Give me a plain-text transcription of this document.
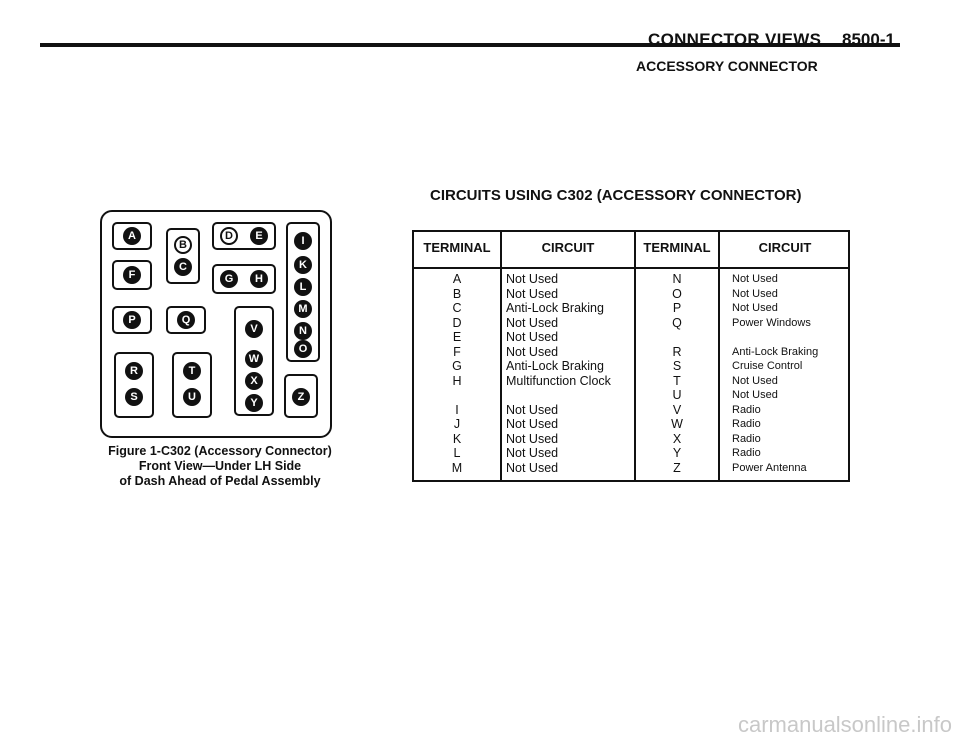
CONNECTOR VIEWS 8500-1
ACCESSORY CONNECTOR
CIRCUITS USING C302 (ACCESSORY CONNECTOR)
A
B
C
D	E
F	G	H
I
K
L
M
N
O
P	Q
R
S
T
U
V
W
X
Y	Z
Figure 1-C302 (Accessory Connector)
Front View—Under LH Side
of Dash Ahead of Pedal Assembly
TERMINAL	CIRCUIT	TERMINAL	CIRCUIT
A	Not Used	N	Not Used
B	Not Used	O	Not Used
C	Anti-Lock Braking	P	Not Used
D	Not Used	Q	Power Windows
E	Not Used
F	Not Used	R	Anti-Lock Braking
G	Anti-Lock Braking	S	Cruise Control
H	Multifunction Clock	T	Not Used
U	Not Used
I	Not Used	V	Radio
J	Not Used	W	Radio
K	Not Used	X	Radio
L	Not Used	Y	Radio
M	Not Used	Z	Power Antenna
carmanualsonline.info
